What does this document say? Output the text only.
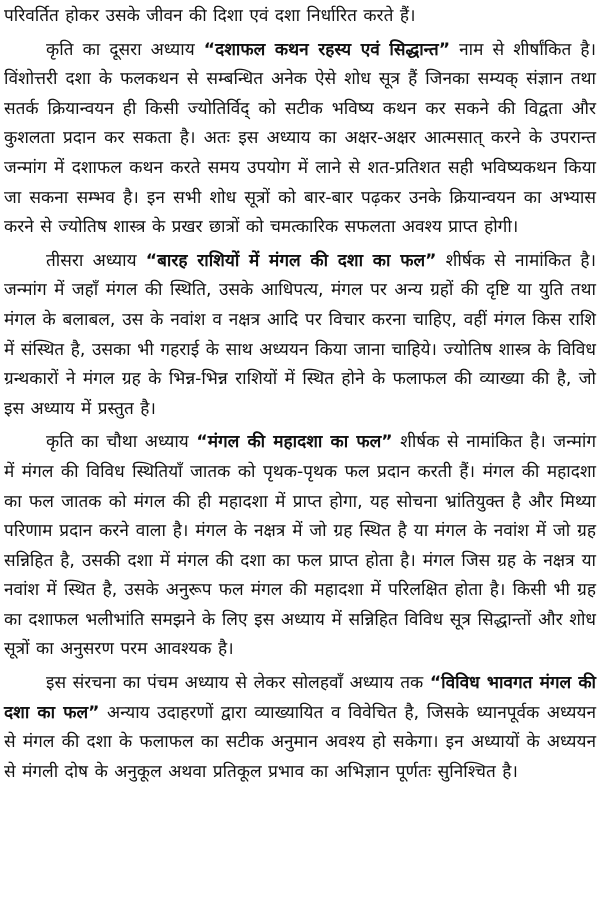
परिवर्तित होकर उसके जीवन की दिशा एवं दशा निर्धारित करते हैं।

कृति का दूसरा अध्याय “दशाफल कथन रहस्य एवं सिद्धान्त” नाम से शीर्षांकित है। विंशोत्तरी दशा के फलकथन से सम्बन्धित अनेक ऐसे शोध सूत्र हैं जिनका सम्यक् संज्ञान तथा सतर्क क्रियान्वयन ही किसी ज्योतिर्विद् को सटीक भविष्य कथन कर सकने की विद्वता और कुशलता प्रदान कर सकता है। अतः इस अध्याय का अक्षर-अक्षर आत्मसात् करने के उपरान्त जन्मांग में दशाफल कथन करते समय उपयोग में लाने से शत-प्रतिशत सही भविष्यकथन किया जा सकना सम्भव है। इन सभी शोध सूत्रों को बार-बार पढ़कर उनके क्रियान्वयन का अभ्यास करने से ज्योतिष शास्त्र के प्रखर छात्रों को चमत्कारिक सफलता अवश्य प्राप्त होगी।

तीसरा अध्याय “बारह राशियों में मंगल की दशा का फल” शीर्षक से नामांकित है। जन्मांग में जहाँ मंगल की स्थिति, उसके आधिपत्य, मंगल पर अन्य ग्रहों की दृष्टि या युति तथा मंगल के बलाबल, उस के नवांश व नक्षत्र आदि पर विचार करना चाहिए, वहीं मंगल किस राशि में संस्थित है, उसका भी गहराई के साथ अध्ययन किया जाना चाहिये। ज्योतिष शास्त्र के विविध ग्रन्थकारों ने मंगल ग्रह के भिन्न-भिन्न राशियों में स्थित होने के फलाफल की व्याख्या की है, जो इस अध्याय में प्रस्तुत है।

कृति का चौथा अध्याय “मंगल की महादशा का फल” शीर्षक से नामांकित है। जन्मांग में मंगल की विविध स्थितियाँ जातक को पृथक-पृथक फल प्रदान करती हैं। मंगल की महादशा का फल जातक को मंगल की ही महादशा में प्राप्त होगा, यह सोचना भ्रांतियुक्त है और मिथ्या परिणाम प्रदान करने वाला है। मंगल के नक्षत्र में जो ग्रह स्थित है या मंगल के नवांश में जो ग्रह सन्निहित है, उसकी दशा में मंगल की दशा का फल प्राप्त होता है। मंगल जिस ग्रह के नक्षत्र या नवांश में स्थित है, उसके अनुरूप फल मंगल की महादशा में परिलक्षित होता है। किसी भी ग्रह का दशाफल भलीभांति समझने के लिए इस अध्याय में सन्निहित विविध सूत्र सिद्धान्तों और शोध सूत्रों का अनुसरण परम आवश्यक है।

इस संरचना का पंचम अध्याय से लेकर सोलहवाँ अध्याय तक “विविध भावगत मंगल की दशा का फल” अन्याय उदाहरणों द्वारा व्याख्यायित व विवेचित है, जिसके ध्यानपूर्वक अध्ययन से मंगल की दशा के फलाफल का सटीक अनुमान अवश्य हो सकेगा। इन अध्यायों के अध्ययन से मंगली दोष के अनुकूल अथवा प्रतिकूल प्रभाव का अभिज्ञान पूर्णतः सुनिश्चित है।
